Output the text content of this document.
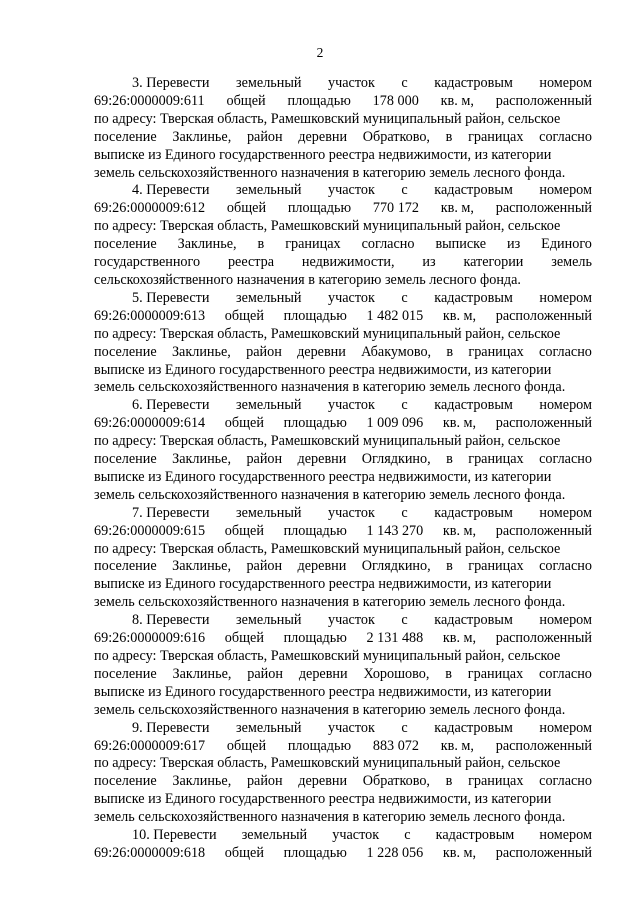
2
3. Перевести земельный участок с кадастровым номером
69:26:0000009:611 общей площадью 178 000 кв. м, расположенный
по адресу: Тверская область, Рамешковский муниципальный район, сельское
поселение Заклинье, район деревни Обратково, в границах согласно
выписке из Единого государственного реестра недвижимости, из категории
земель сельскохозяйственного назначения в категорию земель лесного фонда.
4. Перевести земельный участок с кадастровым номером
69:26:0000009:612 общей площадью 770 172 кв. м, расположенный
по адресу: Тверская область, Рамешковский муниципальный район, сельское
поселение Заклинье, в границах согласно выписке из Единого
государственного реестра недвижимости, из категории земель
сельскохозяйственного назначения в категорию земель лесного фонда.
5. Перевести земельный участок с кадастровым номером
69:26:0000009:613 общей площадью 1 482 015 кв. м, расположенный
по адресу: Тверская область, Рамешковский муниципальный район, сельское
поселение Заклинье, район деревни Абакумово, в границах согласно
выписке из Единого государственного реестра недвижимости, из категории
земель сельскохозяйственного назначения в категорию земель лесного фонда.
6. Перевести земельный участок с кадастровым номером
69:26:0000009:614 общей площадью 1 009 096 кв. м, расположенный
по адресу: Тверская область, Рамешковский муниципальный район, сельское
поселение Заклинье, район деревни Оглядкино, в границах согласно
выписке из Единого государственного реестра недвижимости, из категории
земель сельскохозяйственного назначения в категорию земель лесного фонда.
7. Перевести земельный участок с кадастровым номером
69:26:0000009:615 общей площадью 1 143 270 кв. м, расположенный
по адресу: Тверская область, Рамешковский муниципальный район, сельское
поселение Заклинье, район деревни Оглядкино, в границах согласно
выписке из Единого государственного реестра недвижимости, из категории
земель сельскохозяйственного назначения в категорию земель лесного фонда.
8. Перевести земельный участок с кадастровым номером
69:26:0000009:616 общей площадью 2 131 488 кв. м, расположенный
по адресу: Тверская область, Рамешковский муниципальный район, сельское
поселение Заклинье, район деревни Хорошово, в границах согласно
выписке из Единого государственного реестра недвижимости, из категории
земель сельскохозяйственного назначения в категорию земель лесного фонда.
9. Перевести земельный участок с кадастровым номером
69:26:0000009:617 общей площадью 883 072 кв. м, расположенный
по адресу: Тверская область, Рамешковский муниципальный район, сельское
поселение Заклинье, район деревни Обратково, в границах согласно
выписке из Единого государственного реестра недвижимости, из категории
земель сельскохозяйственного назначения в категорию земель лесного фонда.
10. Перевести земельный участок с кадастровым номером
69:26:0000009:618 общей площадью 1 228 056 кв. м, расположенный
